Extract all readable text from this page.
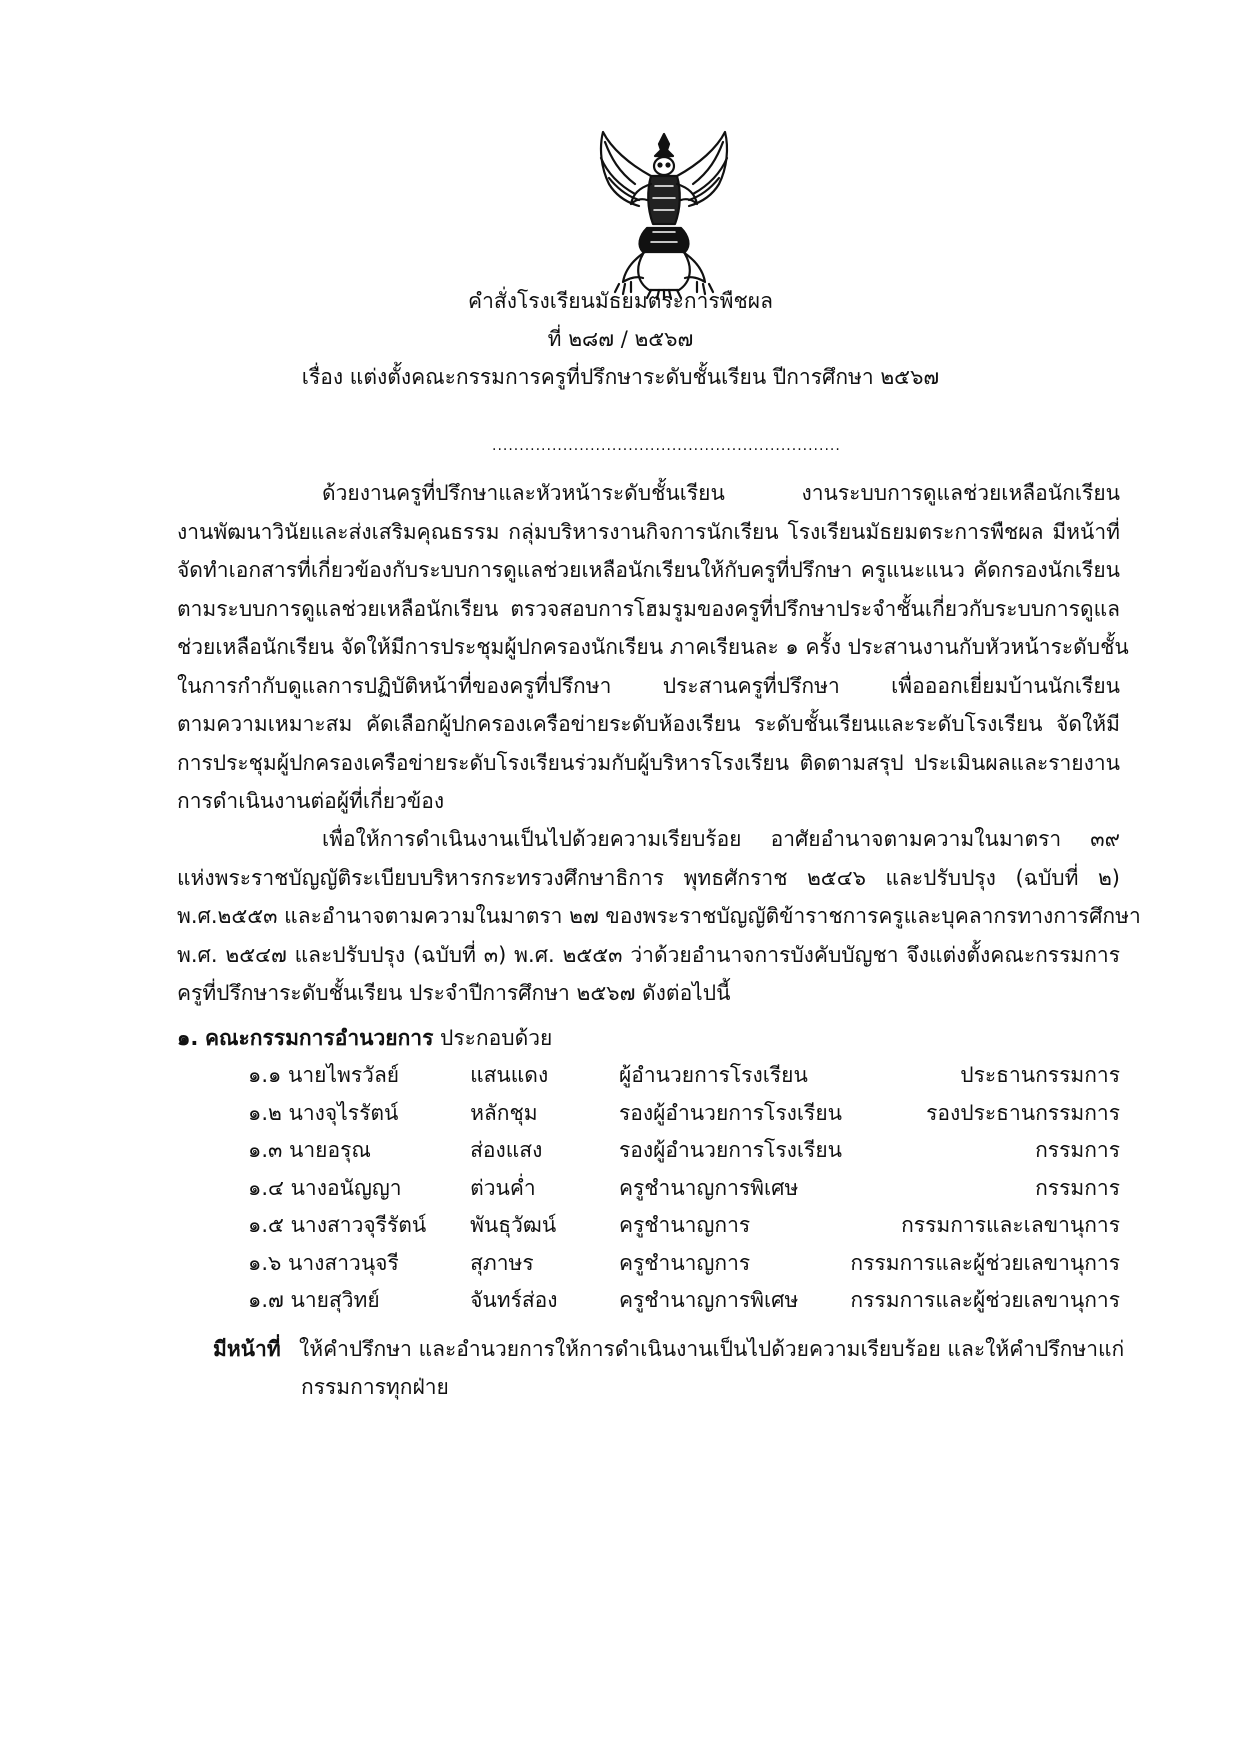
คำสั่งโรงเรียนมัธยมตระการพืชผล
ที่ ๒๘๗ / ๒๕๖๗
เรื่อง แต่งตั้งคณะกรรมการครูที่ปรึกษาระดับชั้นเรียน ปีการศึกษา ๒๕๖๗
................................................................
ด้วยงานครูที่ปรึกษาและหัวหน้าระดับชั้นเรียน งานระบบการดูแลช่วยเหลือนักเรียน
งานพัฒนาวินัยและส่งเสริมคุณธรรม กลุ่มบริหารงานกิจการนักเรียน โรงเรียนมัธยมตระการพืชผล มีหน้าที่
จัดทำเอกสารที่เกี่ยวข้องกับระบบการดูแลช่วยเหลือนักเรียนให้กับครูที่ปรึกษา ครูแนะแนว คัดกรองนักเรียน
ตามระบบการดูแลช่วยเหลือนักเรียน ตรวจสอบการโฮมรูมของครูที่ปรึกษาประจำชั้นเกี่ยวกับระบบการดูแล
ช่วยเหลือนักเรียน จัดให้มีการประชุมผู้ปกครองนักเรียน ภาคเรียนละ ๑ ครั้ง ประสานงานกับหัวหน้าระดับชั้น
ในการกำกับดูแลการปฏิบัติหน้าที่ของครูที่ปรึกษา ประสานครูที่ปรึกษา เพื่อออกเยี่ยมบ้านนักเรียน
ตามความเหมาะสม คัดเลือกผู้ปกครองเครือข่ายระดับห้องเรียน ระดับชั้นเรียนและระดับโรงเรียน จัดให้มี
การประชุมผู้ปกครองเครือข่ายระดับโรงเรียนร่วมกับผู้บริหารโรงเรียน ติดตามสรุป ประเมินผลและรายงาน
การดำเนินงานต่อผู้ที่เกี่ยวข้อง
เพื่อให้การดำเนินงานเป็นไปด้วยความเรียบร้อย อาศัยอำนาจตามความในมาตรา ๓๙
แห่งพระราชบัญญัติระเบียบบริหารกระทรวงศึกษาธิการ พุทธศักราช ๒๕๔๖ และปรับปรุง (ฉบับที่ ๒)
พ.ศ.๒๕๕๓ และอำนาจตามความในมาตรา ๒๗ ของพระราชบัญญัติข้าราชการครูและบุคลากรทางการศึกษา
พ.ศ. ๒๕๔๗ และปรับปรุง (ฉบับที่ ๓) พ.ศ. ๒๕๕๓ ว่าด้วยอำนาจการบังคับบัญชา จึงแต่งตั้งคณะกรรมการ
ครูที่ปรึกษาระดับชั้นเรียน ประจำปีการศึกษา ๒๕๖๗ ดังต่อไปนี้
๑. คณะกรรมการอำนวยการ ประกอบด้วย
๑.๑ นายไพรวัลย์	แสนแดง	ผู้อำนวยการโรงเรียน	ประธานกรรมการ
๑.๒ นางจุไรรัตน์	หลักชุม	รองผู้อำนวยการโรงเรียน	รองประธานกรรมการ
๑.๓ นายอรุณ	ส่องแสง	รองผู้อำนวยการโรงเรียน	กรรมการ
๑.๔ นางอนัญญา	ต่วนค่ำ	ครูชำนาญการพิเศษ	กรรมการ
๑.๕ นางสาวจุรีรัตน์	พันธุวัฒน์	ครูชำนาญการ	กรรมการและเลขานุการ
๑.๖ นางสาวนุจรี	สุภาษร	ครูชำนาญการ	กรรมการและผู้ช่วยเลขานุการ
๑.๗ นายสุวิทย์	จันทร์ส่อง	ครูชำนาญการพิเศษ	กรรมการและผู้ช่วยเลขานุการ
มีหน้าที่ ให้คำปรึกษา และอำนวยการให้การดำเนินงานเป็นไปด้วยความเรียบร้อย และให้คำปรึกษาแก่
กรรมการทุกฝ่าย
